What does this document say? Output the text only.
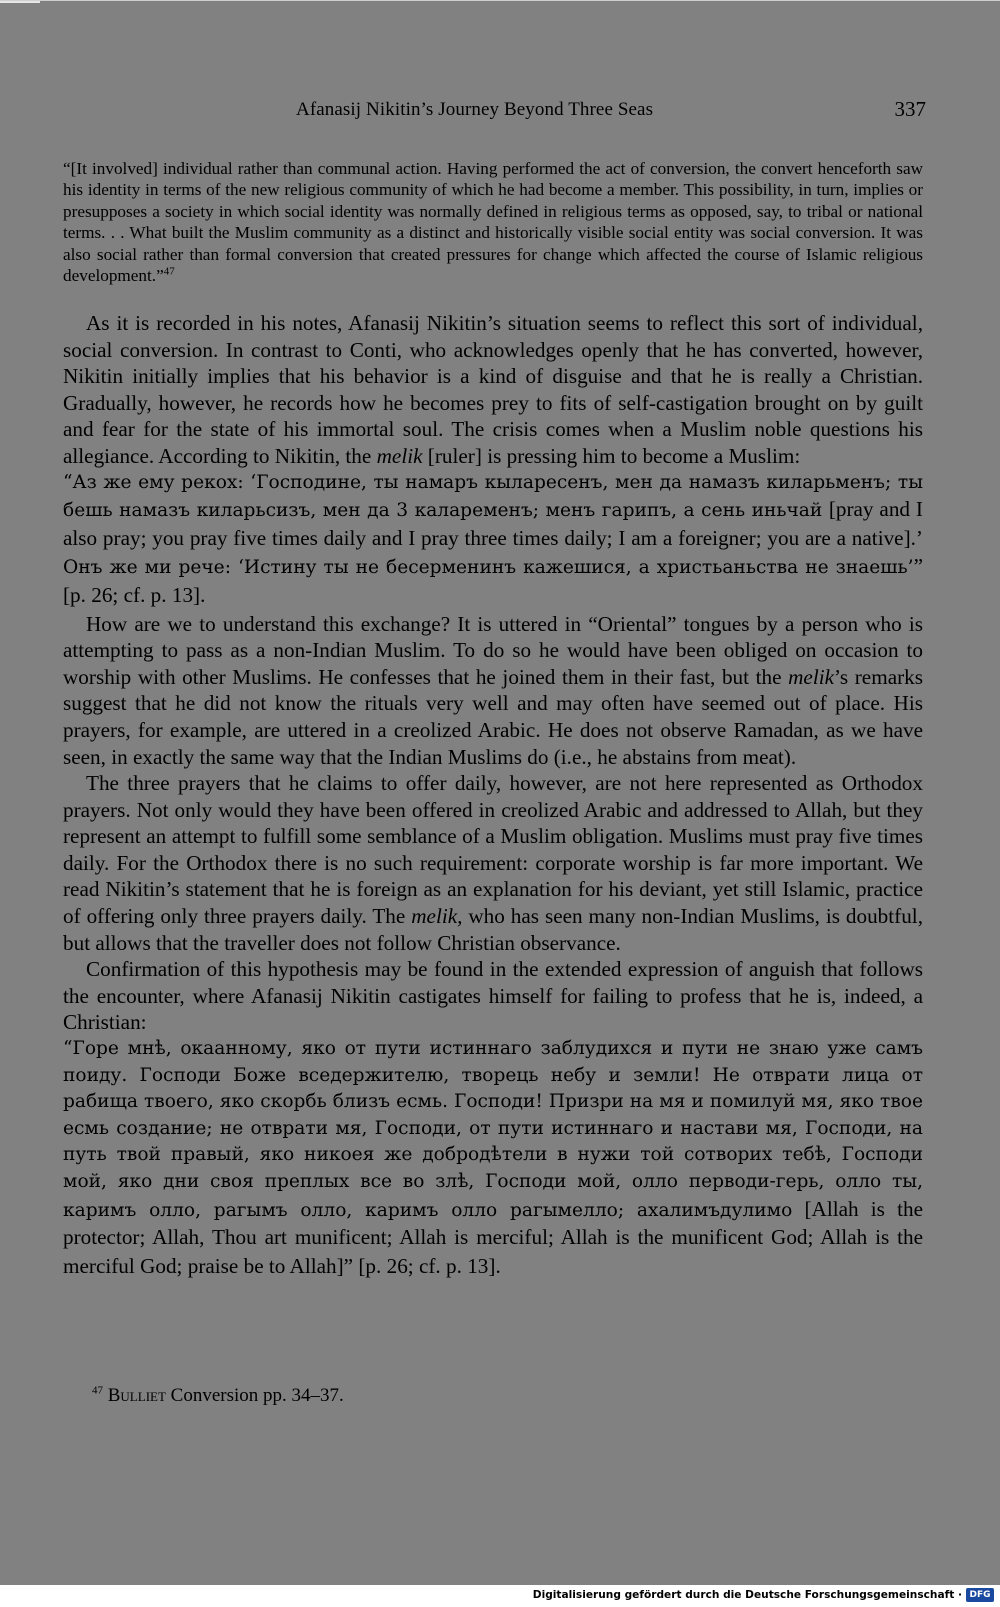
Afanasij Nikitin’s Journey Beyond Three Seas	337

“[It involved] individual rather than communal action. Having performed the act of conversion, the convert henceforth saw his identity in terms of the new religious community of which he had become a member. This possibility, in turn, implies or presupposes a society in which social identity was normally defined in religious terms as opposed, say, to tribal or national terms. . . What built the Muslim community as a distinct and historically visible social entity was social conversion. It was also social rather than formal conversion that created pressures for change which affected the course of Islamic religious development.”$^{47}$

As it is recorded in his notes, Afanasij Nikitin’s situation seems to reflect this sort of individual, social conversion. In contrast to Conti, who acknowledges openly that he has converted, however, Nikitin initially implies that his behavior is a kind of disguise and that he is really a Christian. Gradually, however, he records how he becomes prey to fits of self-castigation brought on by guilt and fear for the state of his immortal soul. The crisis comes when a Muslim noble questions his allegiance. According to Nikitin, the melik [ruler] is pressing him to become a Muslim:

“Аз же ему рекох: ‘Господине, ты намаръ кыларесенъ, мен да намазъ киларьменъ; ты бешь намазъ киларьсизъ, мен да 3 калаременъ; менъ гарипъ, а сень иньчай [pray and I also pray; you pray five times daily and I pray three times daily; I am a foreigner; you are a native].’ Онъ же ми рече: ‘Истину ты не бесерменинъ кажешися, а христьаньства не знаешь’” [p. 26; cf. p. 13].

How are we to understand this exchange? It is uttered in “Oriental” tongues by a person who is attempting to pass as a non-Indian Muslim. To do so he would have been obliged on occasion to worship with other Muslims. He confesses that he joined them in their fast, but the melik’s remarks suggest that he did not know the rituals very well and may often have seemed out of place. His prayers, for example, are uttered in a creolized Arabic. He does not observe Ramadan, as we have seen, in exactly the same way that the Indian Muslims do (i.e., he abstains from meat).

The three prayers that he claims to offer daily, however, are not here represented as Orthodox prayers. Not only would they have been offered in creolized Arabic and addressed to Allah, but they represent an attempt to fulfill some semblance of a Muslim obligation. Muslims must pray five times daily. For the Orthodox there is no such requirement: corporate worship is far more important. We read Nikitin’s statement that he is foreign as an explanation for his deviant, yet still Islamic, practice of offering only three prayers daily. The melik, who has seen many non-Indian Muslims, is doubtful, but allows that the traveller does not follow Christian observance.

Confirmation of this hypothesis may be found in the extended expression of anguish that follows the encounter, where Afanasij Nikitin castigates himself for failing to profess that he is, indeed, a Christian:

“Горе мнѣ, окаанному, яко от пути истиннаго заблудихся и пути не знаю уже самъ поиду. Господи Боже вседержителю, творець небу и земли! Не отврати лица от рабища твоего, яко скорбь близъ есмь. Господи! Призри на мя и помилуй мя, яко твое есмь создание; не отврати мя, Господи, от пути истиннаго и настави мя, Господи, на путь твой правый, яко никоея же добродѣтели в нужи той сотворих тебѣ, Господи мой, яко дни своя преплых все во злѣ, Господи мой, олло перводи-герь, олло ты, каримъ олло, рагымъ олло, каримъ олло рагымелло; ахалимъдулимо [Allah is the protector; Allah, Thou art munificent; Allah is merciful; Allah is the munificent God; Allah is the merciful God; praise be to Allah]” [p. 26; cf. p. 13].

$^{47}$ Bulliet Conversion pp. 34–37.
Digitalisierung gefördert durch die Deutsche Forschungsgemeinschaft · DFG
